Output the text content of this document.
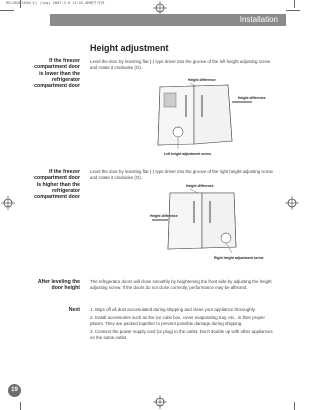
RFLG8267404(수) (ing) 2007.3.6 11:53 AM페이지19
Installation
Height adjustment
If the freezer compartment door is lower than the refrigerator compartment door
Level the door by inserting flat (-) type driver into the groove of the left height adjusting screw and rotate it clockwise (O).
Height difference
Height difference
Left height adjustment screw
If the freezer compartment door is higher than the refrigerator compartment door
Level the door by inserting flat (-) type driver into the groove of the right height adjusting screw and rotate it clockwise (O).
Height difference
Height difference
Right height adjustment screw
After leveling the door height
The refrigerator doors will close smoothly by heightening the front side by adjusting the height adjusting screw. If the doors do not close correctly, performance may be affected.
Next 1. Wipe off all dust accumulated during shipping and clean your appliance thoroughly.
2. Install accessories such as the ice cube box, cover evaporating tray, etc., in their proper places. They are packed together to prevent possible damage during shipping.
3. Connect the power supply cord (or plug) to the outlet. Don't double up with other appliances on the same outlet.
19
